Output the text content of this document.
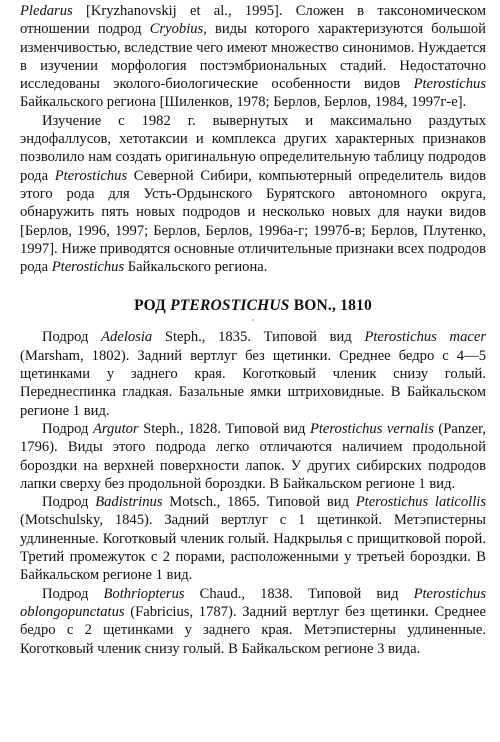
Pledarus [Kryzhanovskij et al., 1995]. Сложен в таксономическом отношении подрод Cryobius, виды которого характеризуются большой изменчивостью, вследствие чего имеют множество синонимов. Нуждается в изучении морфология постэмбриональных стадий. Недостаточно исследованы эколого-биологические особенности видов Pterostichus Байкальского региона [Шиленков, 1978; Берлов, Берлов, 1984, 1997г-е].

Изучение с 1982 г. вывернутых и максимально раздутых эндофаллусов, хетотаксии и комплекса других характерных признаков позволило нам создать оригинальную определительную таблицу подродов рода Pterostichus Северной Сибири, компьютерный определитель видов этого рода для Усть-Ордынского Бурятского автономного округа, обнаружить пять новых подродов и несколько новых для науки видов [Берлов, 1996, 1997; Берлов, Берлов, 1996а-г; 1997б-в; Берлов, Плутенко, 1997]. Ниже приводятся основные отличительные признаки всех подродов рода Pterostichus Байкальского региона.

РОД PTEROSTICHUS BON., 1810
·

Подрод Adelosia Steph., 1835. Типовой вид Pterostichus macer (Marsham, 1802). Задний вертлуг без щетинки. Среднее бедро с 4—5 щетинками у заднего края. Коготковый членик снизу голый. Переднеспинка гладкая. Базальные ямки штриховидные. В Байкальском регионе 1 вид.

Подрод Argutor Steph., 1828. Типовой вид Pterostichus vernalis (Panzer, 1796). Виды этого подрода легко отличаются наличием продольной бороздки на верхней поверхности лапок. У других сибирских подродов лапки сверху без продольной бороздки. В Байкальском регионе 1 вид.

Подрод Badistrinus Motsch., 1865. Типовой вид Pterostichus laticollis (Motschulsky, 1845). Задний вертлуг с 1 щетинкой. Метэпистерны удлиненные. Коготковый членик голый. Надкрылья с прищитковой порой. Третий промежуток с 2 порами, расположенными у третьей бороздки. В Байкальском регионе 1 вид.

Подрод Bothriopterus Chaud., 1838. Типовой вид Pterostichus oblongopunctatus (Fabricius, 1787). Задний вертлуг без щетинки. Среднее бедро с 2 щетинками у заднего края. Метэпистерны удлиненные. Коготковый членик снизу голый. В Байкальском регионе 3 вида.
